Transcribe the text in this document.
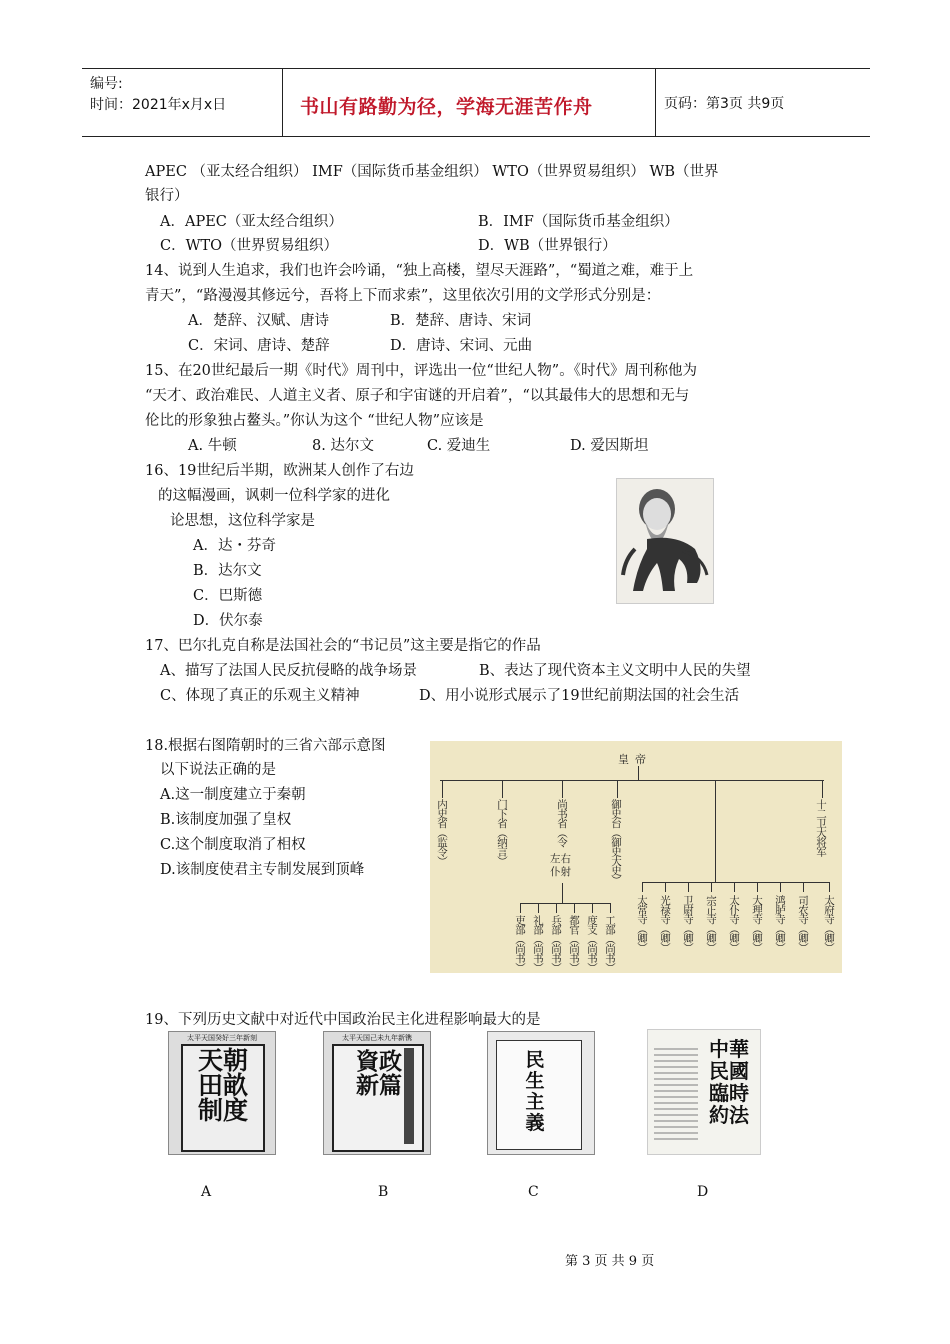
编号:
时间：2021年x月x日	书山有路勤为径，学海无涯苦作舟	页码：第3页 共9页
APEC （亚太经合组织） IMF（国际货币基金组织） WTO（世界贸易组织） WB（世界
银行）
A．APEC（亚太经合组织）	B．IMF（国际货币基金组织）
C．WTO（世界贸易组织）	D．WB（世界银行）
14、说到人生追求，我们也许会吟诵，“独上高楼，望尽天涯路”，“蜀道之难，难于上
青天”，“路漫漫其修远兮，吾将上下而求索”，这里依次引用的文学形式分别是：
A．楚辞、汉赋、唐诗	B．楚辞、唐诗、宋词
C．宋词、唐诗、楚辞	D．唐诗、宋词、元曲
15、在20世纪最后一期《时代》周刊中，评选出一位“世纪人物”。《时代》周刊称他为
“天才、政治难民、人道主义者、原子和宇宙谜的开启着”，“以其最伟大的思想和无与
伦比的形象独占鳌头。”你认为这个 “世纪人物”应该是
A. 牛顿	8. 达尔文	C. 爱迪生	D. 爱因斯坦
16、19世纪后半期，欧洲某人创作了右边
的这幅漫画，讽刺一位科学家的进化
论思想，这位科学家是
A．达・芬奇
B．达尔文
C．巴斯德
D．伏尔泰
17、巴尔扎克自称是法国社会的“书记员”这主要是指它的作品
A、描写了法国人民反抗侵略的战争场景	B、表达了现代资本主义文明中人民的失望
C、体现了真正的乐观主义精神	D、用小说形式展示了19世纪前期法国的社会生活
18.根据右图隋朝时的三省六部示意图
以下说法正确的是
A.这一制度建立于秦朝
B.该制度加强了皇权
C.这个制度取消了相权
D.该制度使君主专制发展到顶峰
皇帝
内史省（监令）	门下省（纳言）	尚书省（令	御史台（御史大史）	十二卫大将军
左右仆射
吏部（尚书） 礼部（尚书） 兵部（尚书） 都官（尚书） 度支（尚书） 工部（尚书） 太常寺（卿） 光禄寺（卿） 卫尉寺（卿） 宗正寺（卿） 太仆寺（卿） 大理寺（卿） 鸿胪寺（卿） 司农寺（卿） 太府寺（卿）
19、下列历史文献中对近代中国政治民主化进程影响最大的是
太平天国癸好三年新刻
天朝田畝制度
A
太平天国己未九年新镌
資政新篇
B
民生主義
C
中華民國臨時約法
D
第 3 页 共 9 页
